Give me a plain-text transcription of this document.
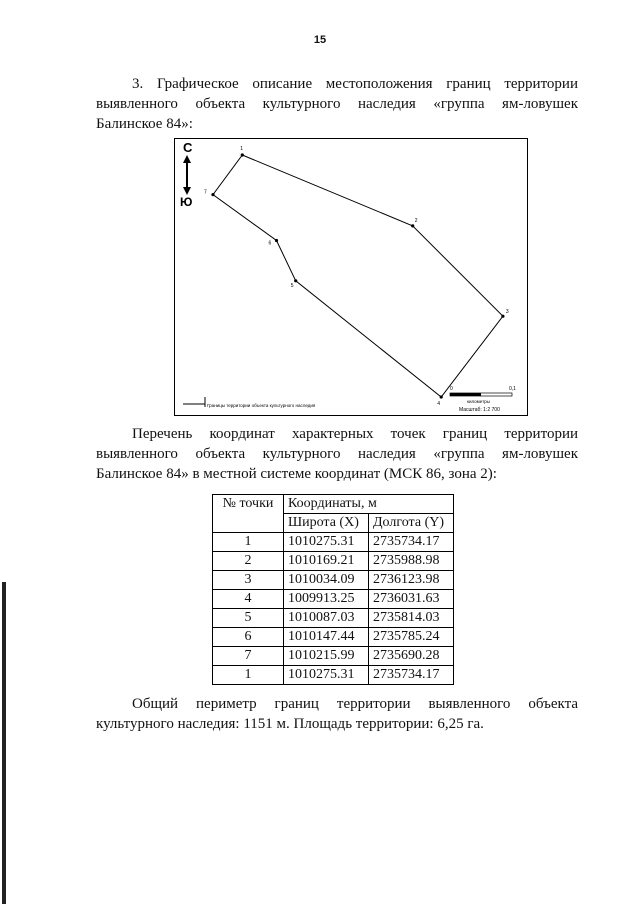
15

3. Графическое описание местоположения границ территории
выявленного объекта культурного наследия «группа ям-ловушек
Балинское 84»:

С
Ю
1
2
3
4
5
6
7
Границы территории объекта культурного наследия
0	0,1
километры
Масштаб: 1:2 700

Перечень координат характерных точек границ территории
выявленного объекта культурного наследия «группа ям-ловушек
Балинское 84» в местной системе координат (МСК 86, зона 2):

№ точки	Координаты, м	
	Широта (X)	Долгота (Y)
1	1010275.31	2735734.17
2	1010169.21	2735988.98
3	1010034.09	2736123.98
4	1009913.25	2736031.63
5	1010087.03	2735814.03
6	1010147.44	2735785.24
7	1010215.99	2735690.28
1	1010275.31	2735734.17

Общий периметр границ территории выявленного объекта
культурного наследия: 1151 м. Площадь территории: 6,25 га.
